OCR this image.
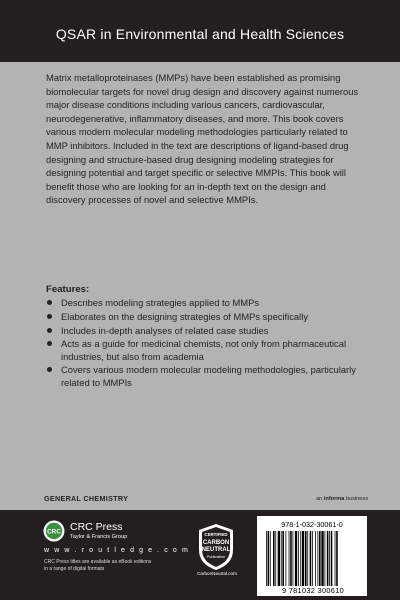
QSAR in Environmental and Health Sciences
Matrix metalloproteinases (MMPs) have been established as promising biomolecular targets for novel drug design and discovery against numerous major disease conditions including various cancers, cardiovascular, neurodegenerative, inflammatory diseases, and more. This book covers various modern molecular modeling methodologies particularly related to MMP inhibitors. Included in the text are descriptions of ligand-based drug designing and structure-based drug designing modeling strategies for designing potential and target specific or selective MMPIs. This book will benefit those who are looking for an in-depth text on the design and discovery processes of novel and selective MMPIs.
Features:
Describes modeling strategies applied to MMPs
Elaborates on the designing strategies of MMPs specifically
Includes in-depth analyses of related case studies
Acts as a guide for medicinal chemists, not only from pharmaceutical industries, but also from academia
Covers various modern molecular modeling methodologies, particularly related to MMPIs
GENERAL CHEMISTRY	an informa business
CRC CRC Press
Taylor & Francis Group
w w w . r o u t l e d g e . c o m
CRC Press titles are available as eBook editions in a range of digital formats
CERTIFIED
CARBON
NEUTRAL
Publication
CarbonNeutral.com
978-1-032-30061-0
9 781032 300610
